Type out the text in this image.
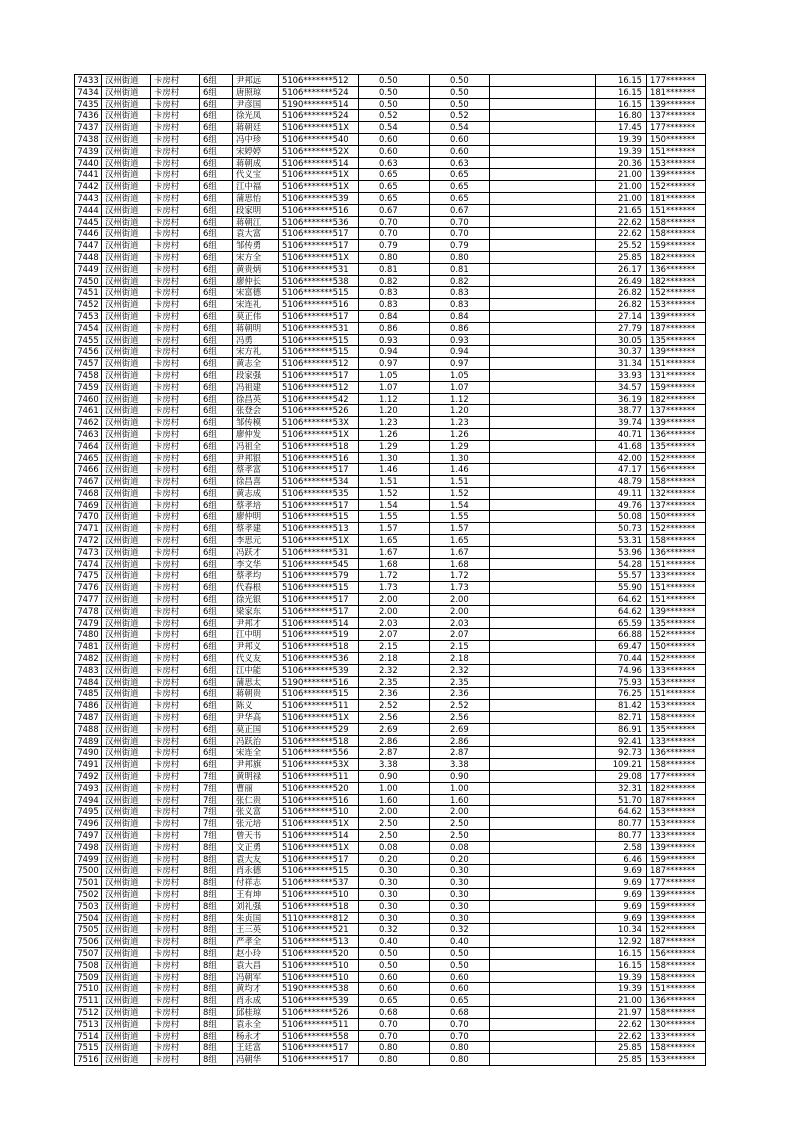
7433	汉州街道	卡房村	6组	尹邦远	5106*******512	0.50	0.50		16.15	177*******
7434	汉州街道	卡房村	6组	唐照琼	5106*******524	0.50	0.50		16.15	181*******
7435	汉州街道	卡房村	6组	尹彦国	5190*******514	0.50	0.50		16.15	139*******
7436	汉州街道	卡房村	6组	徐光凤	5106*******524	0.52	0.52		16.80	137*******
7437	汉州街道	卡房村	6组	蒋朝廷	5106*******51X	0.54	0.54		17.45	177*******
7438	汉州街道	卡房村	6组	冯中珍	5106*******540	0.60	0.60		19.39	150*******
7439	汉州街道	卡房村	6组	宋婷婷	5106*******52X	0.60	0.60		19.39	151*******
7440	汉州街道	卡房村	6组	蒋朝成	5106*******514	0.63	0.63		20.36	153*******
7441	汉州街道	卡房村	6组	代义宝	5106*******51X	0.65	0.65		21.00	139*******
7442	汉州街道	卡房村	6组	江中福	5106*******51X	0.65	0.65		21.00	152*******
7443	汉州街道	卡房村	6组	蒲思怡	5106*******539	0.65	0.65		21.00	181*******
7444	汉州街道	卡房村	6组	段家明	5106*******516	0.67	0.67		21.65	151*******
7445	汉州街道	卡房村	6组	蒋朝江	5106*******536	0.70	0.70		22.62	158*******
7446	汉州街道	卡房村	6组	袁大富	5106*******517	0.70	0.70		22.62	158*******
7447	汉州街道	卡房村	6组	邹传勇	5106*******517	0.79	0.79		25.52	159*******
7448	汉州街道	卡房村	6组	宋方全	5106*******51X	0.80	0.80		25.85	182*******
7449	汉州街道	卡房村	6组	黄贵炳	5106*******531	0.81	0.81		26.17	136*******
7450	汉州街道	卡房村	6组	廖仲长	5106*******538	0.82	0.82		26.49	182*******
7451	汉州街道	卡房村	6组	宋富德	5106*******515	0.83	0.83		26.82	152*******
7452	汉州街道	卡房村	6组	宋连礼	5106*******516	0.83	0.83		26.82	153*******
7453	汉州街道	卡房村	6组	莫正伟	5106*******517	0.84	0.84		27.14	139*******
7454	汉州街道	卡房村	6组	蒋朝明	5106*******531	0.86	0.86		27.79	187*******
7455	汉州街道	卡房村	6组	冯勇	5106*******515	0.93	0.93		30.05	135*******
7456	汉州街道	卡房村	6组	宋方礼	5106*******515	0.94	0.94		30.37	139*******
7457	汉州街道	卡房村	6组	黄志全	5106*******512	0.97	0.97		31.34	151*******
7458	汉州街道	卡房村	6组	段家强	5106*******517	1.05	1.05		33.93	131*******
7459	汉州街道	卡房村	6组	冯祖建	5106*******512	1.07	1.07		34.57	159*******
7460	汉州街道	卡房村	6组	徐昌英	5106*******542	1.12	1.12		36.19	182*******
7461	汉州街道	卡房村	6组	张登会	5106*******526	1.20	1.20		38.77	137*******
7462	汉州街道	卡房村	6组	邹传模	5106*******53X	1.23	1.23		39.74	139*******
7463	汉州街道	卡房村	6组	廖仲发	5106*******51X	1.26	1.26		40.71	136*******
7464	汉州街道	卡房村	6组	冯祖全	5106*******518	1.29	1.29		41.68	135*******
7465	汉州街道	卡房村	6组	尹邦银	5106*******516	1.30	1.30		42.00	152*******
7466	汉州街道	卡房村	6组	蔡孝富	5106*******517	1.46	1.46		47.17	156*******
7467	汉州街道	卡房村	6组	徐昌喜	5106*******534	1.51	1.51		48.79	158*******
7468	汉州街道	卡房村	6组	黄志成	5106*******535	1.52	1.52		49.11	132*******
7469	汉州街道	卡房村	6组	蔡孝培	5106*******517	1.54	1.54		49.76	137*******
7470	汉州街道	卡房村	6组	廖仲明	5106*******515	1.55	1.55		50.08	150*******
7471	汉州街道	卡房村	6组	蔡孝建	5106*******513	1.57	1.57		50.73	152*******
7472	汉州街道	卡房村	6组	李思元	5106*******51X	1.65	1.65		53.31	158*******
7473	汉州街道	卡房村	6组	冯跃才	5106*******531	1.67	1.67		53.96	136*******
7474	汉州街道	卡房村	6组	李文华	5106*******545	1.68	1.68		54.28	151*******
7475	汉州街道	卡房村	6组	蔡孝均	5106*******579	1.72	1.72		55.57	133*******
7476	汉州街道	卡房村	6组	代春根	5106*******515	1.73	1.73		55.90	151*******
7477	汉州街道	卡房村	6组	徐光银	5106*******517	2.00	2.00		64.62	151*******
7478	汉州街道	卡房村	6组	梁家东	5106*******517	2.00	2.00		64.62	139*******
7479	汉州街道	卡房村	6组	尹邦才	5106*******514	2.03	2.03		65.59	135*******
7480	汉州街道	卡房村	6组	江中明	5106*******519	2.07	2.07		66.88	152*******
7481	汉州街道	卡房村	6组	尹邦义	5106*******518	2.15	2.15		69.47	150*******
7482	汉州街道	卡房村	6组	代义友	5106*******536	2.18	2.18		70.44	152*******
7483	汉州街道	卡房村	6组	江中能	5106*******539	2.32	2.32		74.96	133*******
7484	汉州街道	卡房村	6组	蒲思太	5190*******516	2.35	2.35		75.93	153*******
7485	汉州街道	卡房村	6组	蒋朝贵	5106*******515	2.36	2.36		76.25	151*******
7486	汉州街道	卡房村	6组	陈义	5106*******511	2.52	2.52		81.42	153*******
7487	汉州街道	卡房村	6组	尹华高	5106*******51X	2.56	2.56		82.71	158*******
7488	汉州街道	卡房村	6组	莫正国	5106*******529	2.69	2.69		86.91	135*******
7489	汉州街道	卡房村	6组	冯跃治	5106*******518	2.86	2.86		92.41	133*******
7490	汉州街道	卡房村	6组	宋连全	5106*******556	2.87	2.87		92.73	136*******
7491	汉州街道	卡房村	6组	尹邦旗	5106*******53X	3.38	3.38		109.21	158*******
7492	汉州街道	卡房村	7组	黄明禄	5106*******511	0.90	0.90		29.08	177*******
7493	汉州街道	卡房村	7组	曹丽	5106*******520	1.00	1.00		32.31	182*******
7494	汉州街道	卡房村	7组	张仁贵	5106*******516	1.60	1.60		51.70	187*******
7495	汉州街道	卡房村	7组	张义富	5106*******510	2.00	2.00		64.62	153*******
7496	汉州街道	卡房村	7组	张元培	5106*******51X	2.50	2.50		80.77	153*******
7497	汉州街道	卡房村	7组	曾天书	5106*******514	2.50	2.50		80.77	133*******
7498	汉州街道	卡房村	8组	文正勇	5106*******51X	0.08	0.08		2.58	139*******
7499	汉州街道	卡房村	8组	袁大友	5106*******517	0.20	0.20		6.46	159*******
7500	汉州街道	卡房村	8组	肖永德	5106*******515	0.30	0.30		9.69	187*******
7501	汉州街道	卡房村	8组	付祥志	5106*******537	0.30	0.30		9.69	177*******
7502	汉州街道	卡房村	8组	王有坤	5106*******510	0.30	0.30		9.69	139*******
7503	汉州街道	卡房村	8组	刘礼强	5106*******518	0.30	0.30		9.69	159*******
7504	汉州街道	卡房村	8组	朱贞国	5110*******812	0.30	0.30		9.69	139*******
7505	汉州街道	卡房村	8组	王三英	5106*******521	0.32	0.32		10.34	152*******
7506	汉州街道	卡房村	8组	严孝全	5106*******513	0.40	0.40		12.92	187*******
7507	汉州街道	卡房村	8组	赵小玲	5106*******520	0.50	0.50		16.15	156*******
7508	汉州街道	卡房村	8组	袁大昌	5106*******510	0.50	0.50		16.15	158*******
7509	汉州街道	卡房村	8组	冯朝军	5106*******510	0.60	0.60		19.39	158*******
7510	汉州街道	卡房村	8组	黄均才	5190*******538	0.60	0.60		19.39	151*******
7511	汉州街道	卡房村	8组	肖永成	5106*******539	0.65	0.65		21.00	136*******
7512	汉州街道	卡房村	8组	邱桂琼	5106*******526	0.68	0.68		21.97	158*******
7513	汉州街道	卡房村	8组	袁永全	5106*******511	0.70	0.70		22.62	130*******
7514	汉州街道	卡房村	8组	杨永才	5106*******558	0.70	0.70		22.62	133*******
7515	汉州街道	卡房村	8组	王廷富	5106*******517	0.80	0.80		25.85	158*******
7516	汉州街道	卡房村	8组	冯朝华	5106*******517	0.80	0.80		25.85	153*******
